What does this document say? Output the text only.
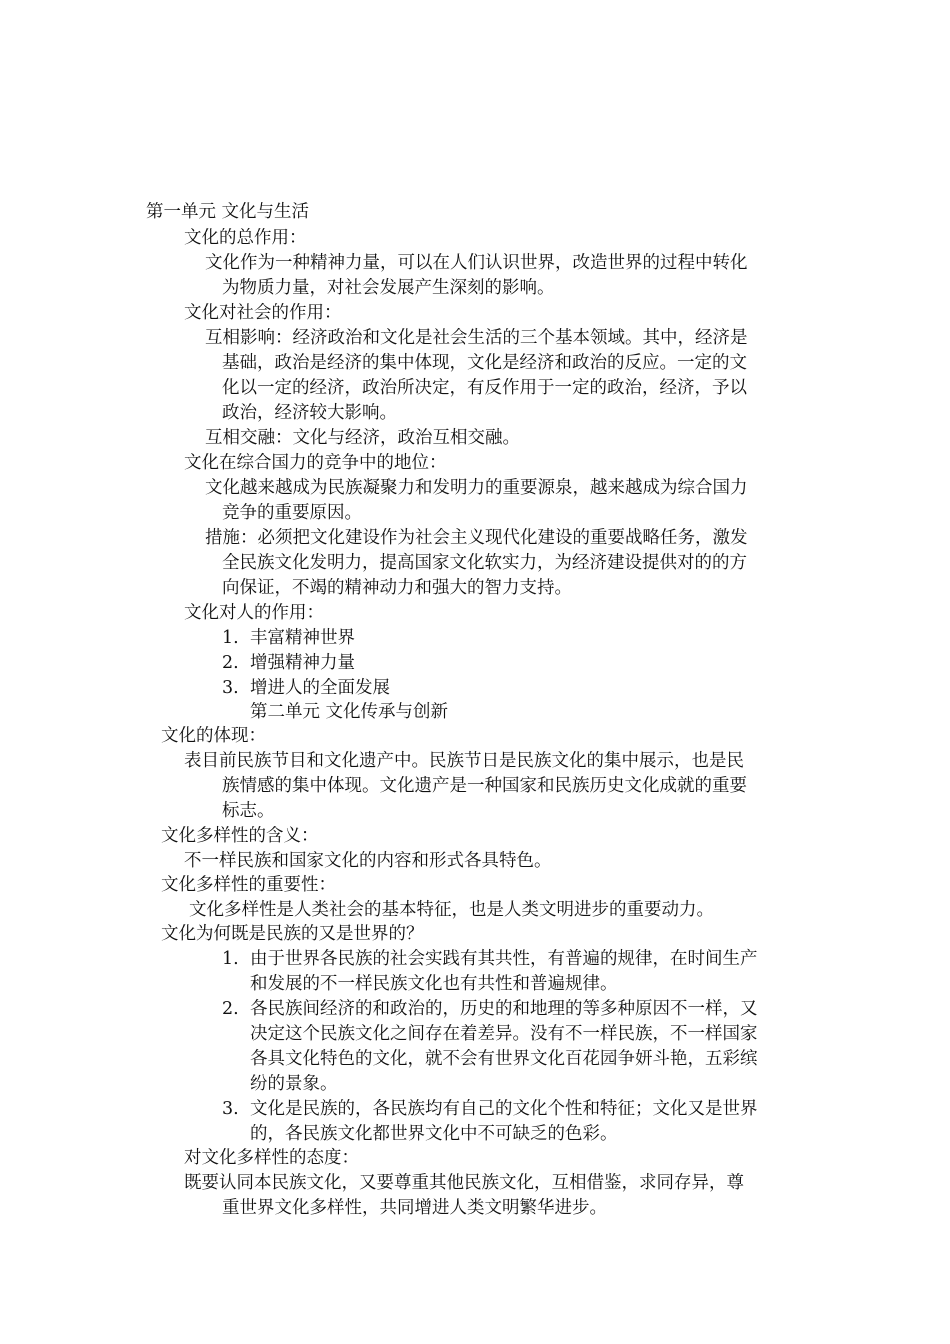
第一单元 文化与生活
文化的总作用：
文化作为一种精神力量，可以在人们认识世界，改造世界的过程中转化
为物质力量，对社会发展产生深刻的影响。
文化对社会的作用：
互相影响：经济政治和文化是社会生活的三个基本领域。其中，经济是
基础，政治是经济的集中体现，文化是经济和政治的反应。一定的文
化以一定的经济，政治所决定，有反作用于一定的政治，经济，予以
政治，经济较大影响。
互相交融：文化与经济，政治互相交融。
文化在综合国力的竞争中的地位：
文化越来越成为民族凝聚力和发明力的重要源泉，越来越成为综合国力
竞争的重要原因。
措施：必须把文化建设作为社会主义现代化建设的重要战略任务，激发
全民族文化发明力，提高国家文化软实力，为经济建设提供对的的方
向保证，不竭的精神动力和强大的智力支持。
文化对人的作用：
1. 丰富精神世界
2. 增强精神力量
3. 增进人的全面发展
第二单元 文化传承与创新
文化的体现：
表目前民族节目和文化遗产中。民族节日是民族文化的集中展示，也是民
族情感的集中体现。文化遗产是一种国家和民族历史文化成就的重要
标志。
文化多样性的含义：
不一样民族和国家文化的内容和形式各具特色。
文化多样性的重要性：
文化多样性是人类社会的基本特征，也是人类文明进步的重要动力。
文化为何既是民族的又是世界的？
1. 由于世界各民族的社会实践有其共性，有普遍的规律，在时间生产
和发展的不一样民族文化也有共性和普遍规律。
2. 各民族间经济的和政治的，历史的和地理的等多种原因不一样，又
决定这个民族文化之间存在着差异。没有不一样民族，不一样国家
各具文化特色的文化，就不会有世界文化百花园争妍斗艳，五彩缤
纷的景象。
3. 文化是民族的，各民族均有自己的文化个性和特征；文化又是世界
的，各民族文化都世界文化中不可缺乏的色彩。
对文化多样性的态度：
既要认同本民族文化，又要尊重其他民族文化，互相借鉴，求同存异，尊
重世界文化多样性，共同增进人类文明繁华进步。
